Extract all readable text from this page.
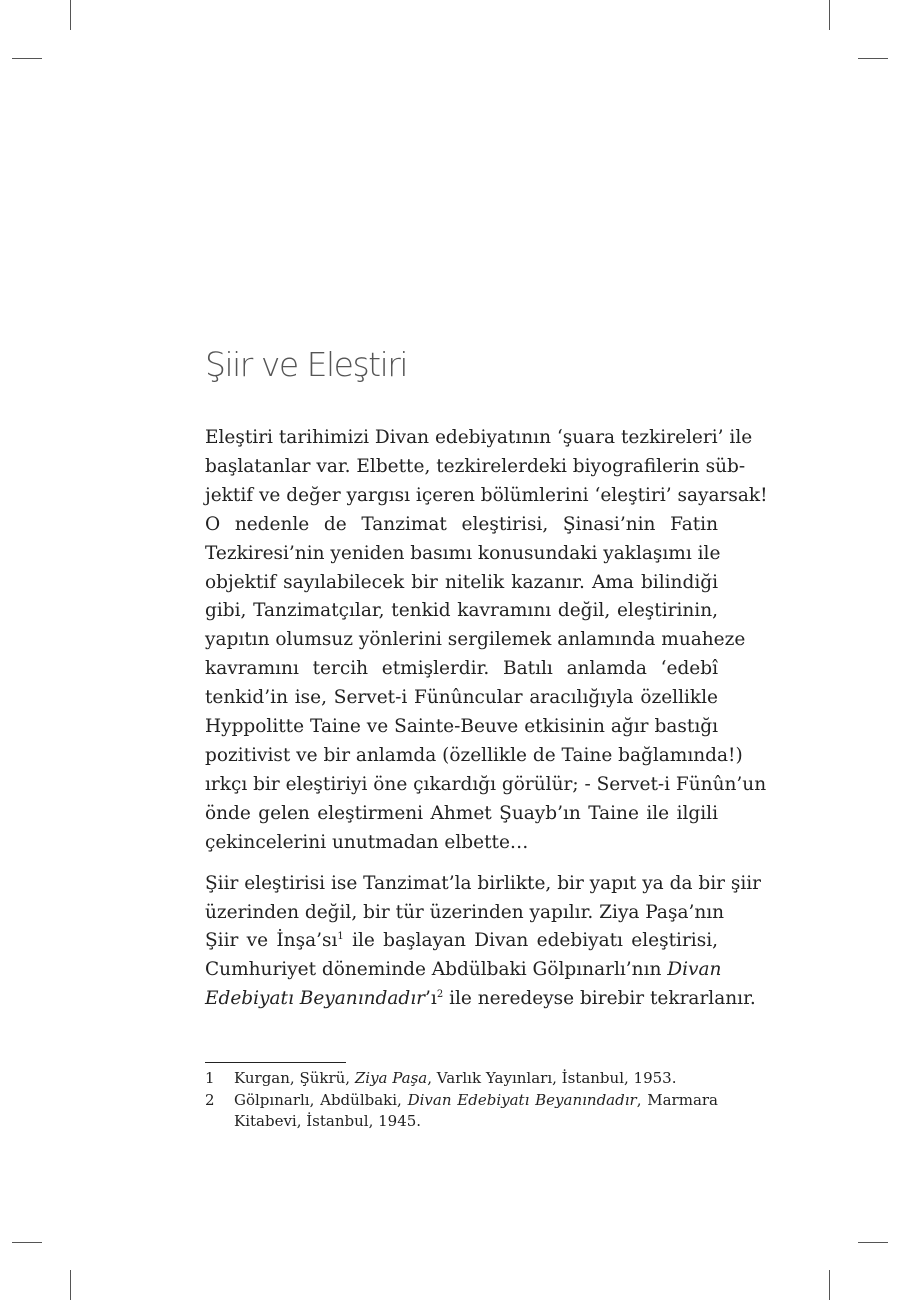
Şiir ve Eleştiri

Eleştiri tarihimizi Divan edebiyatının ‘şuara tezkireleri’ ile
başlatanlar var. Elbette, tezkirelerdeki biyografilerin süb-
jektif ve değer yargısı içeren bölümlerini ‘eleştiri’ sayarsak!
O nedenle de Tanzimat eleştirisi, Şinasi’nin Fatin
Tezkiresi’nin yeniden basımı konusundaki yaklaşımı ile
objektif sayılabilecek bir nitelik kazanır. Ama bilindiği
gibi, Tanzimatçılar, tenkid kavramını değil, eleştirinin,
yapıtın olumsuz yönlerini sergilemek anlamında muaheze
kavramını tercih etmişlerdir. Batılı anlamda ‘edebî
tenkid’in ise, Servet-i Fünûncular aracılığıyla özellikle
Hyppolitte Taine ve Sainte-Beuve etkisinin ağır bastığı
pozitivist ve bir anlamda (özellikle de Taine bağlamında!)
ırkçı bir eleştiriyi öne çıkardığı görülür; - Servet-i Fünûn’un
önde gelen eleştirmeni Ahmet Şuayb’ın Taine ile ilgili
çekincelerini unutmadan elbette…

Şiir eleştirisi ise Tanzimat’la birlikte, bir yapıt ya da bir şiir
üzerinden değil, bir tür üzerinden yapılır. Ziya Paşa’nın
Şiir ve İnşa’sı$^1$ ile başlayan Divan edebiyatı eleştirisi,
Cumhuriyet döneminde Abdülbaki Gölpınarlı’nın Divan
Edebiyatı Beyanındadır’ı$^2$ ile neredeyse birebir tekrarlanır.

1 Kurgan, Şükrü, Ziya Paşa, Varlık Yayınları, İstanbul, 1953.
2 Gölpınarlı, Abdülbaki, Divan Edebiyatı Beyanındadır, Marmara
Kitabevi, İstanbul, 1945.
